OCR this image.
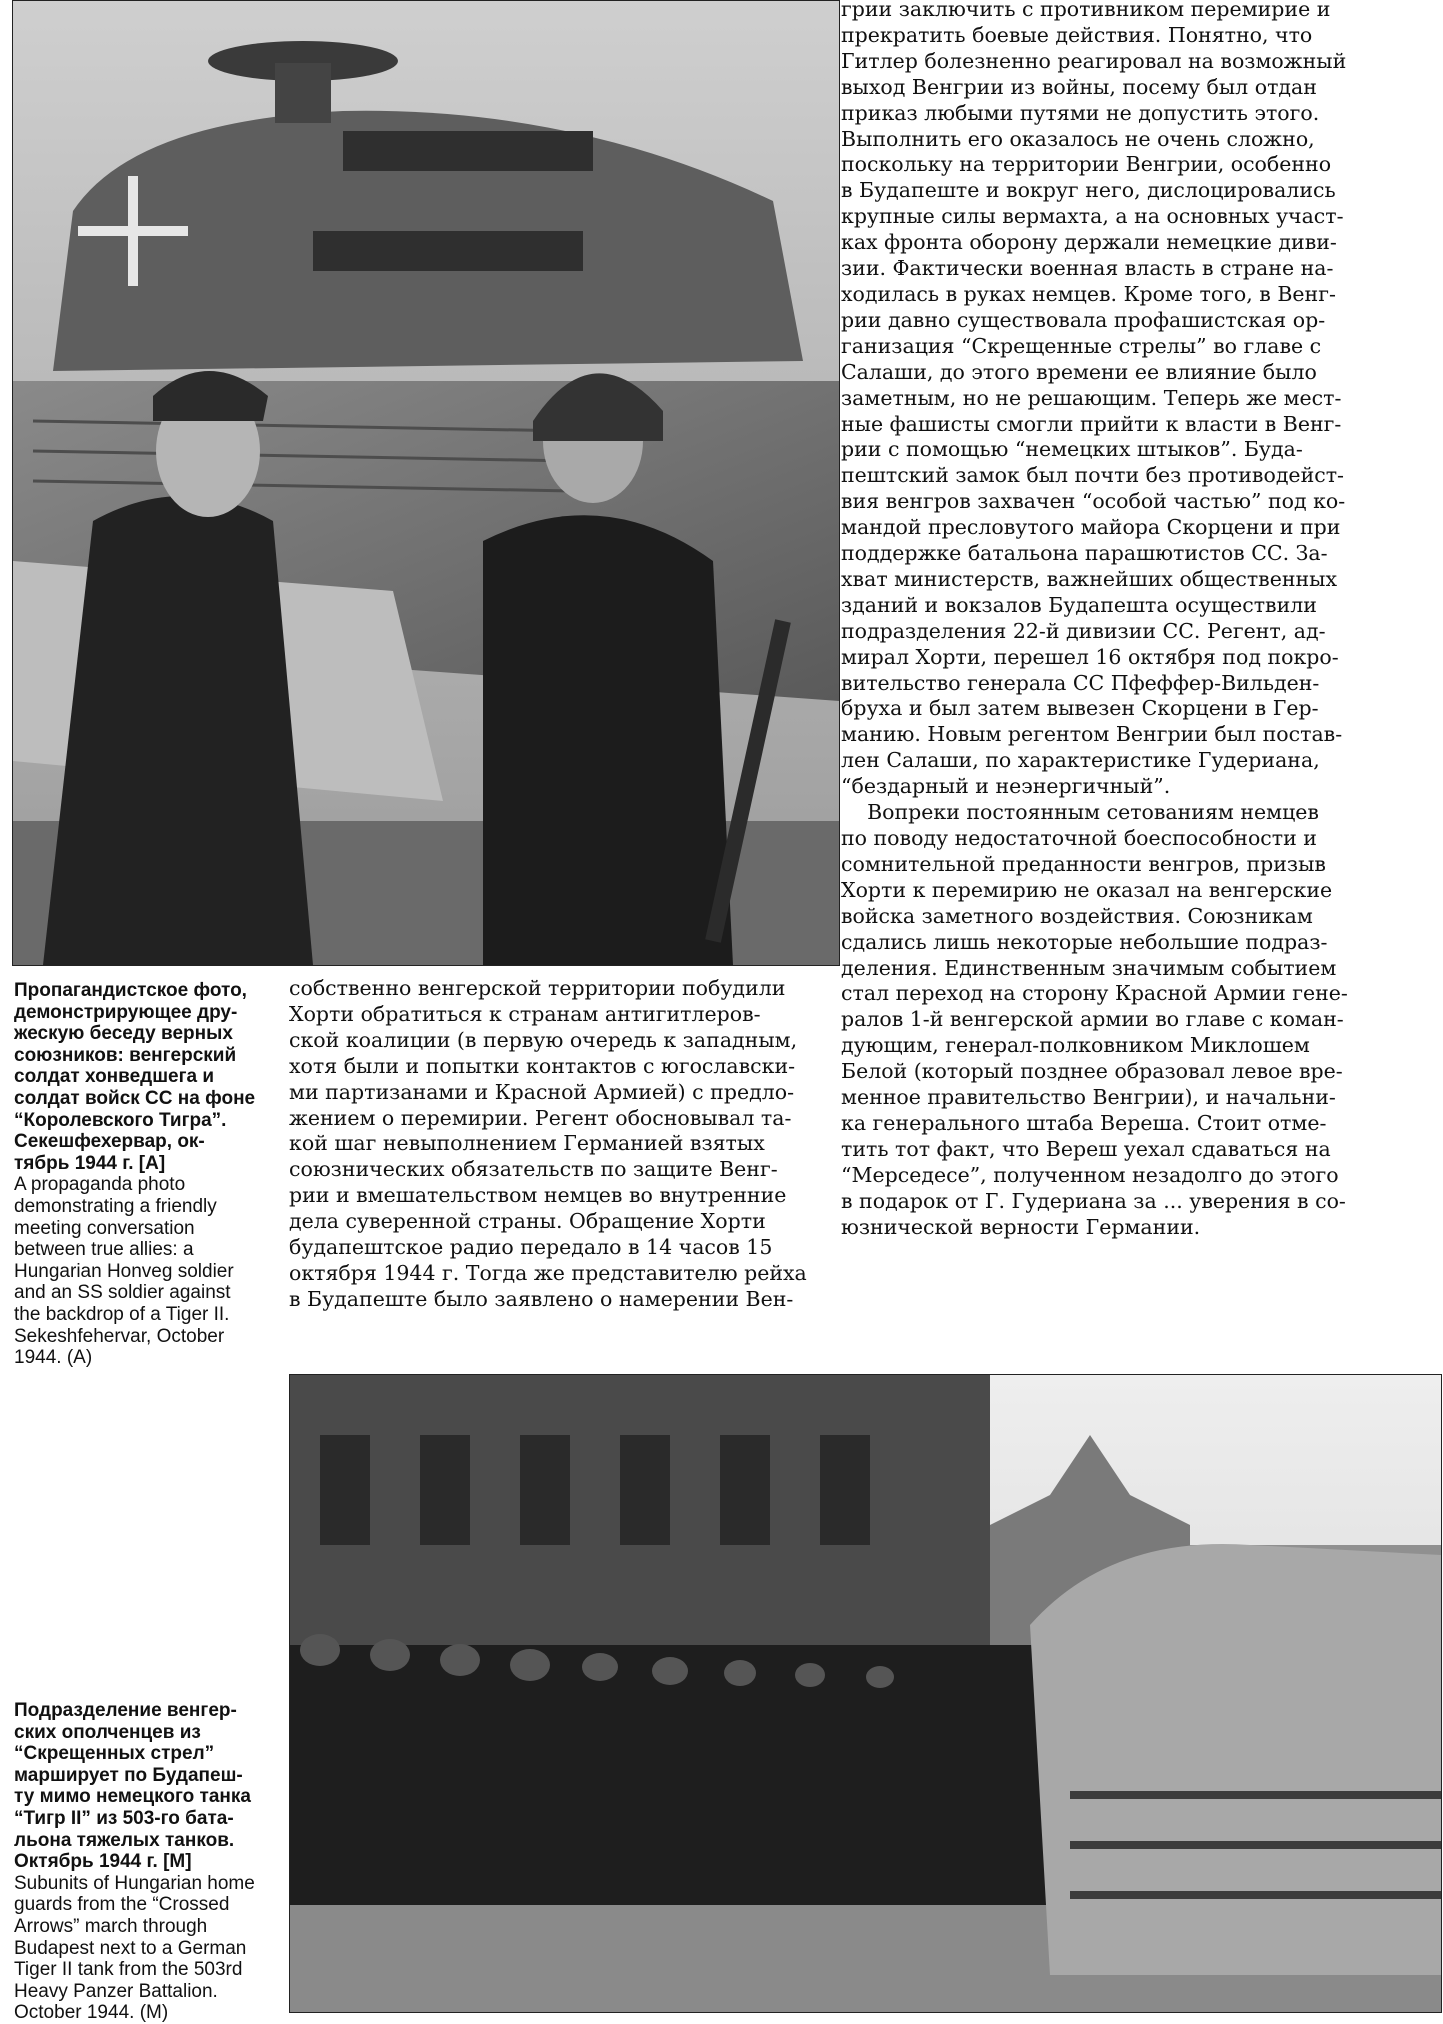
грии заключить с противником перемирие и

прекратить боевые действия. Понятно, что

Гитлер болезненно реагировал на возможный

выход Венгрии из войны, посему был отдан

приказ любыми путями не допустить этого.

Выполнить его оказалось не очень сложно,

поскольку на территории Венгрии, особенно

в Будапеште и вокруг него, дислоцировались

крупные силы вермахта, а на основных участ-

ках фронта оборону держали немецкие диви-

зии. Фактически военная власть в стране на-

ходилась в руках немцев. Кроме того, в Венг-

рии давно существовала профашистская ор-

ганизация “Скрещенные стрелы” во главе с

Салаши, до этого времени ее влияние было

заметным, но не решающим. Теперь же мест-

ные фашисты смогли прийти к власти в Венг-

рии с помощью “немецких штыков”. Буда-

пештский замок был почти без противодейст-

вия венгров захвачен “особой частью” под ко-

мандой пресловутого майора Скорцени и при

поддержке батальона парашютистов СС. За-

хват министерств, важнейших общественных

зданий и вокзалов Будапешта осуществили

подразделения 22-й дивизии СС. Регент, ад-

мирал Хорти, перешел 16 октября под покро-

вительство генерала СС Пфеффер-Вильден-

бруха и был затем вывезен Скорцени в Гер-

манию. Новым регентом Венгрии был постав-

лен Салаши, по характеристике Гудериана,

“бездарный и неэнергичный”.

Вопреки постоянным сетованиям немцев

по поводу недостаточной боеспособности и

сомнительной преданности венгров, призыв

Хорти к перемирию не оказал на венгерские

войска заметного воздействия. Союзникам

сдались лишь некоторые небольшие подраз-

деления. Единственным значимым событием

стал переход на сторону Красной Армии гене-

ралов 1-й венгерской армии во главе с коман-

дующим, генерал-полковником Миклошем

Белой (который позднее образовал левое вре-

менное правительство Венгрии), и начальни-

ка генерального штаба Вереша. Стоит отме-

тить тот факт, что Вереш уехал сдаваться на

“Мерседесе”, полученном незадолго до этого

в подарок от Г. Гудериана за ... уверения в со-

юзнической верности Германии.

Пропагандистское фото,
демонстрирующее дру-
жескую беседу верных
союзников: венгерский
солдат хонведшега и
солдат войск СС на фоне
“Королевского Тигра”.
Секешфехервар, ок-
тябрь 1944 г. [A]
A propaganda photo
demonstrating a friendly
meeting conversation
between true allies: a
Hungarian Honveg soldier
and an SS soldier against
the backdrop of a Tiger II.
Sekeshfehervar, October
1944. (A)

собственно венгерской территории побудили

Хорти обратиться к странам антигитлеров-

ской коалиции (в первую очередь к западным,

хотя были и попытки контактов с югославски-

ми партизанами и Красной Армией) с предло-

жением о перемирии. Регент обосновывал та-

кой шаг невыполнением Германией взятых

союзнических обязательств по защите Венг-

рии и вмешательством немцев во внутренние

дела суверенной страны. Обращение Хорти

будапештское радио передало в 14 часов 15

октября 1944 г. Тогда же представителю рейха

в Будапеште было заявлено о намерении Вен-

Подразделение венгер-
ских ополченцев из
“Скрещенных стрел”
марширует по Будапеш-
ту мимо немецкого танка
“Тигр II” из 503-го бата-
льона тяжелых танков.
Октябрь 1944 г. [M]
Subunits of Hungarian home
guards from the “Crossed
Arrows” march through
Budapest next to a German
Tiger II tank from the 503rd
Heavy Panzer Battalion.
October 1944. (M)
